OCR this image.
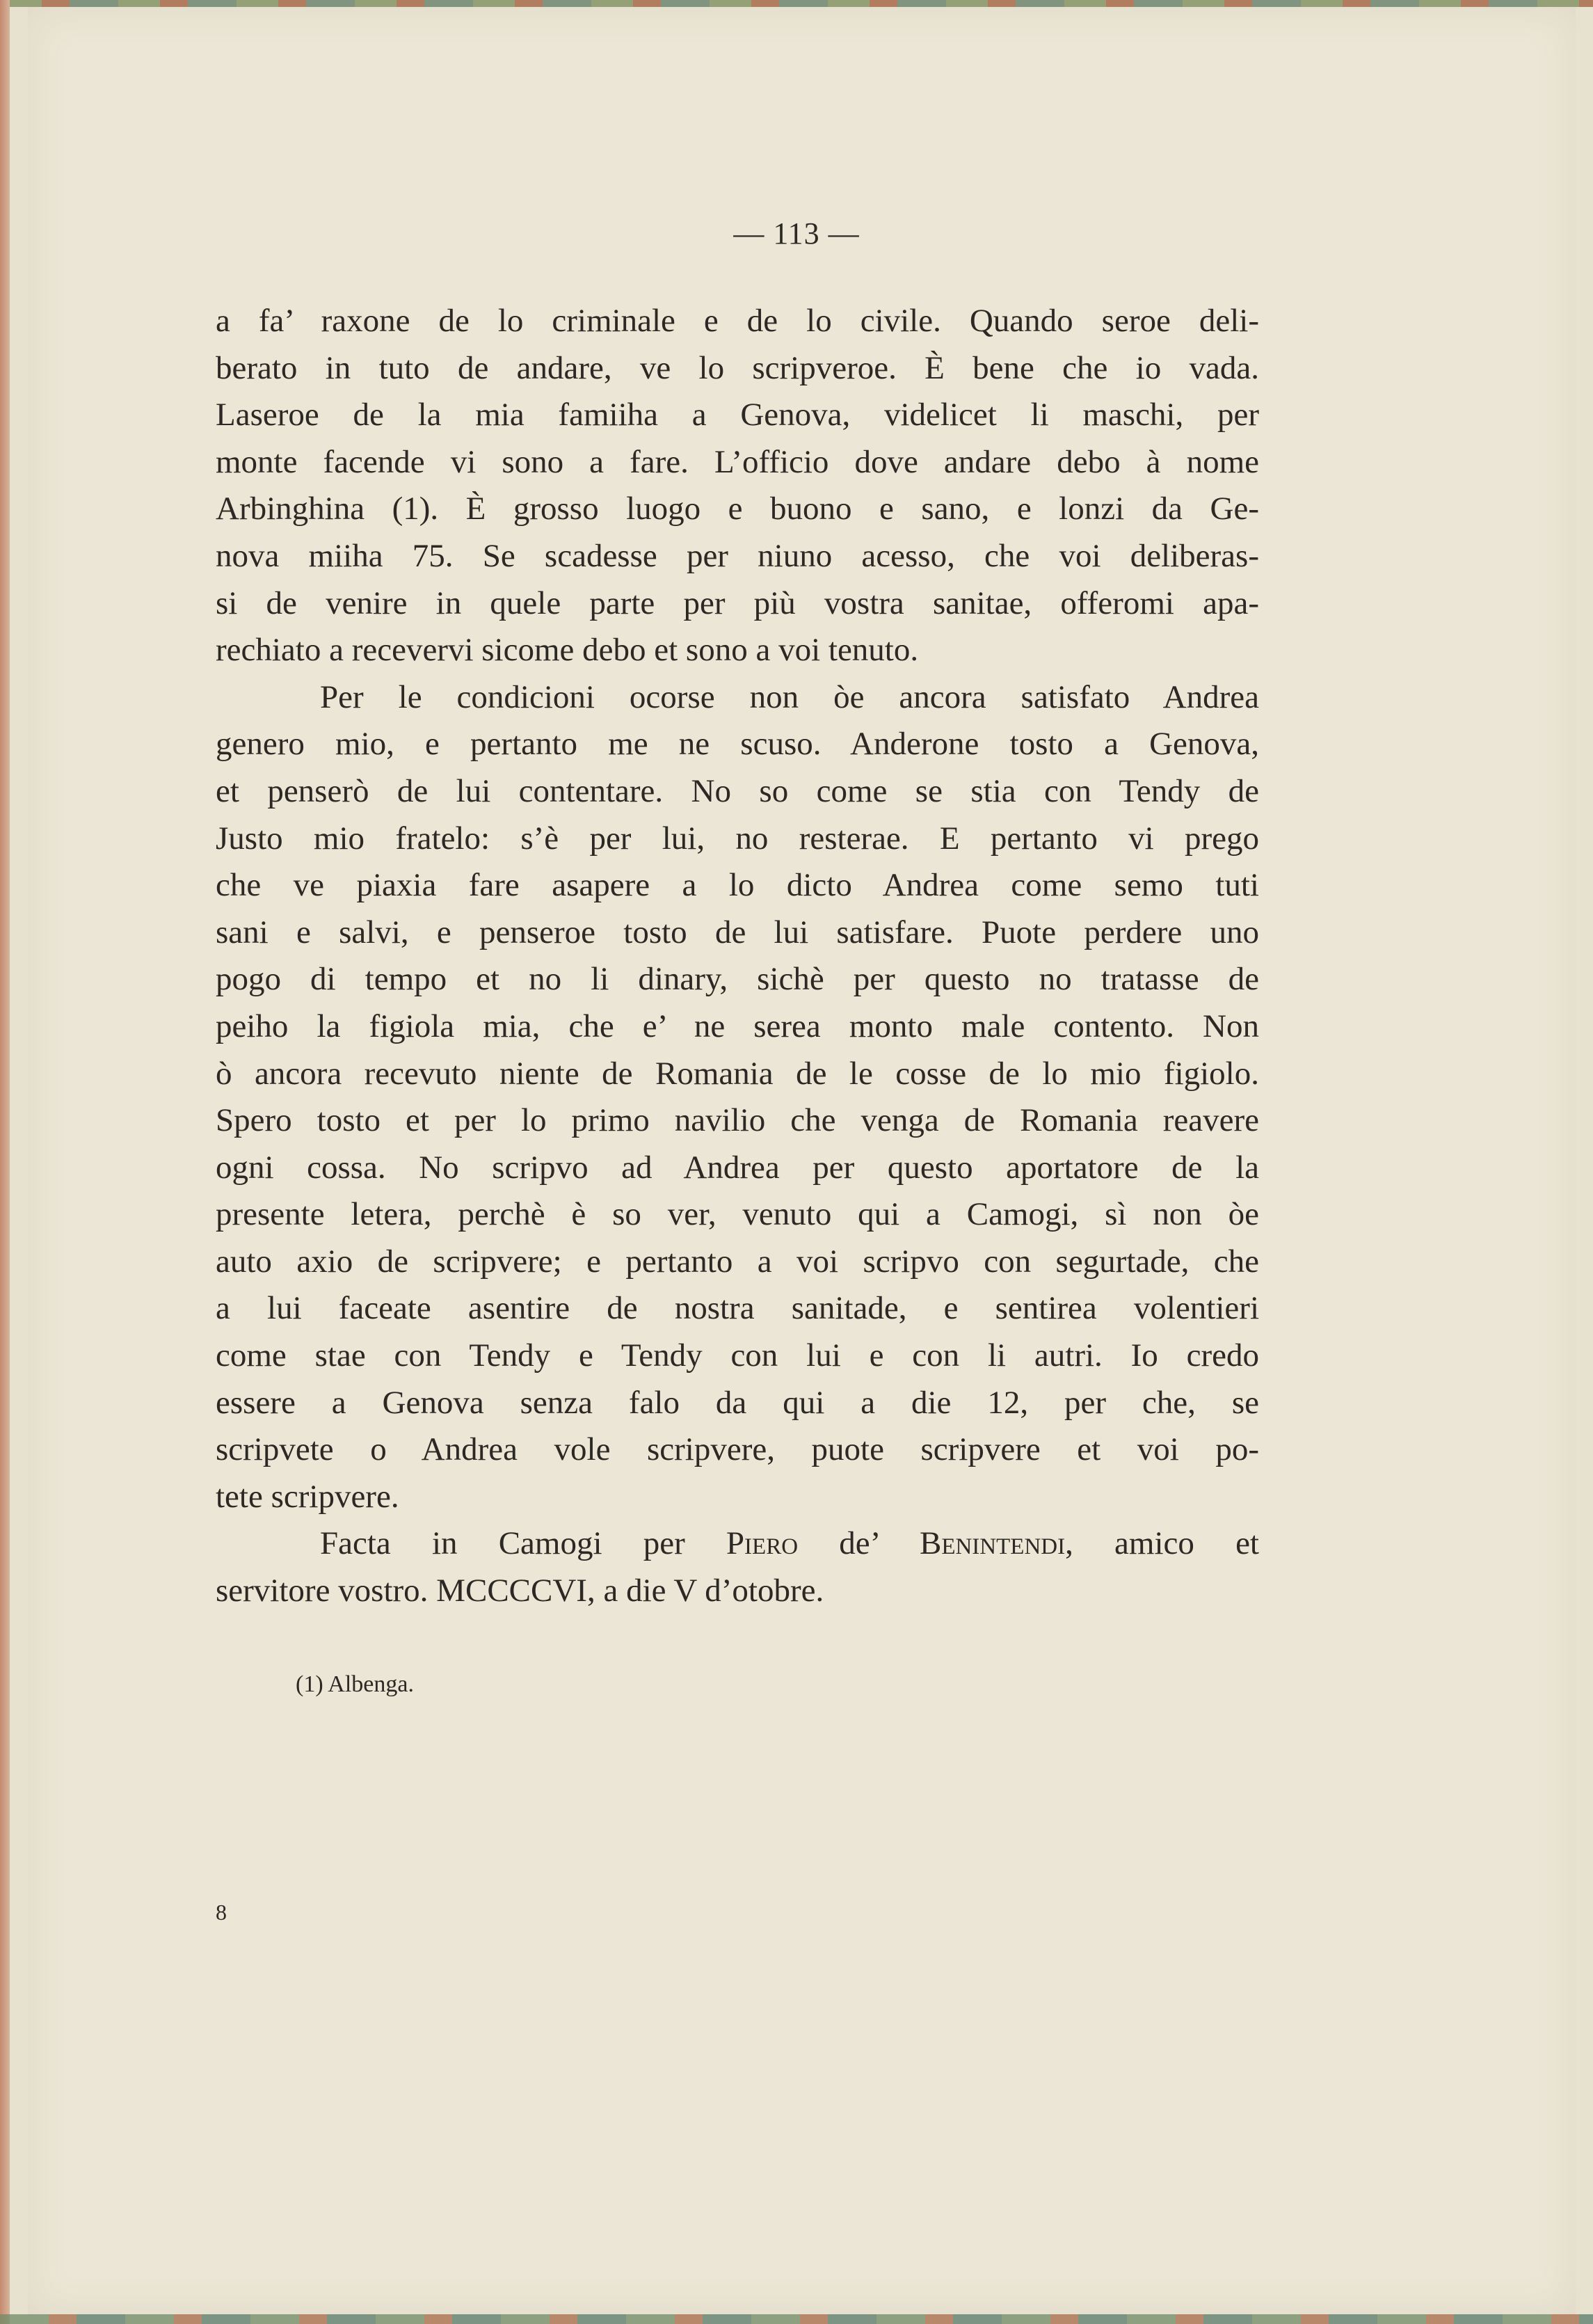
— 113 —

a fa’ raxone de lo criminale e de lo civile. Quando seroe deli-

berato in tuto de andare, ve lo scripveroe. È bene che io vada.

Laseroe de la mia famiiha a Genova, videlicet li maschi, per

monte facende vi sono a fare. L’officio dove andare debo à nome

Arbinghina (1). È grosso luogo e buono e sano, e lonzi da Ge-

nova miiha 75. Se scadesse per niuno acesso, che voi deliberas-

si de venire in quele parte per più vostra sanitae, offeromi apa-

rechiato a recevervi sicome debo et sono a voi tenuto.

Per le condicioni ocorse non òe ancora satisfato Andrea

genero mio, e pertanto me ne scuso. Anderone tosto a Genova,

et penserò de lui contentare. No so come se stia con Tendy de

Justo mio fratelo: s’è per lui, no resterae. E pertanto vi prego

che ve piaxia fare asapere a lo dicto Andrea come semo tuti

sani e salvi, e penseroe tosto de lui satisfare. Puote perdere uno

pogo di tempo et no li dinary, sichè per questo no tratasse de

peiho la figiola mia, che e’ ne serea monto male contento. Non

ò ancora recevuto niente de Romania de le cosse de lo mio figiolo.

Spero tosto et per lo primo navilio che venga de Romania reavere

ogni cossa. No scripvo ad Andrea per questo aportatore de la

presente letera, perchè è so ver, venuto qui a Camogi, sì non òe

auto axio de scripvere; e pertanto a voi scripvo con segurtade, che

a lui faceate asentire de nostra sanitade, e sentirea volentieri

come stae con Tendy e Tendy con lui e con li autri. Io credo

essere a Genova senza falo da qui a die 12, per che, se

scripvete o Andrea vole scripvere, puote scripvere et voi po-

tete scripvere.

Facta in Camogi per Piero de’ Benintendi, amico et

servitore vostro. MCCCCVI, a die V d’otobre.

(1) Albenga.
8
